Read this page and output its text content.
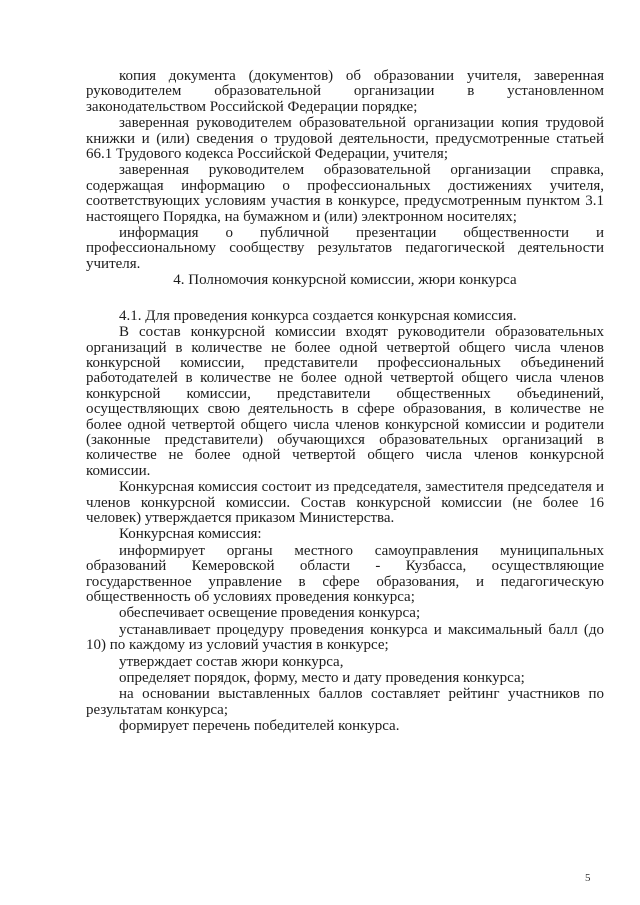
копия документа (документов) об образовании учителя, заверенная руководителем образовательной организации в установленном законодательством Российской Федерации порядке;

заверенная руководителем образовательной организации копия трудовой книжки и (или) сведения о трудовой деятельности, предусмотренные статьей 66.1 Трудового кодекса Российской Федерации, учителя;

заверенная руководителем образовательной организации справка, содержащая информацию о профессиональных достижениях учителя, соответствующих условиям участия в конкурсе, предусмотренным пунктом 3.1 настоящего Порядка, на бумажном и (или) электронном носителях;

информация о публичной презентации общественности и профессиональному сообществу результатов педагогической деятельности учителя.

4. Полномочия конкурсной комиссии, жюри конкурса

4.1. Для проведения конкурса создается конкурсная комиссия.

В состав конкурсной комиссии входят руководители образовательных организаций в количестве не более одной четвертой общего числа членов конкурсной комиссии, представители профессиональных объединений работодателей в количестве не более одной четвертой общего числа членов конкурсной комиссии, представители общественных объединений, осуществляющих свою деятельность в сфере образования, в количестве не более одной четвертой общего числа членов конкурсной комиссии и родители (законные представители) обучающихся образовательных организаций в количестве не более одной четвертой общего числа членов конкурсной комиссии.

Конкурсная комиссия состоит из председателя, заместителя председателя и членов конкурсной комиссии. Состав конкурсной комиссии (не более 16 человек) утверждается приказом Министерства.

Конкурсная комиссия:

информирует органы местного самоуправления муниципальных образований Кемеровской области - Кузбасса, осуществляющие государственное управление в сфере образования, и педагогическую общественность об условиях проведения конкурса;

обеспечивает освещение проведения конкурса;

устанавливает процедуру проведения конкурса и максимальный балл (до 10) по каждому из условий участия в конкурсе;

утверждает состав жюри конкурса,

определяет порядок, форму, место и дату проведения конкурса;

на основании выставленных баллов составляет рейтинг участников по результатам конкурса;

формирует перечень победителей конкурса.

5
